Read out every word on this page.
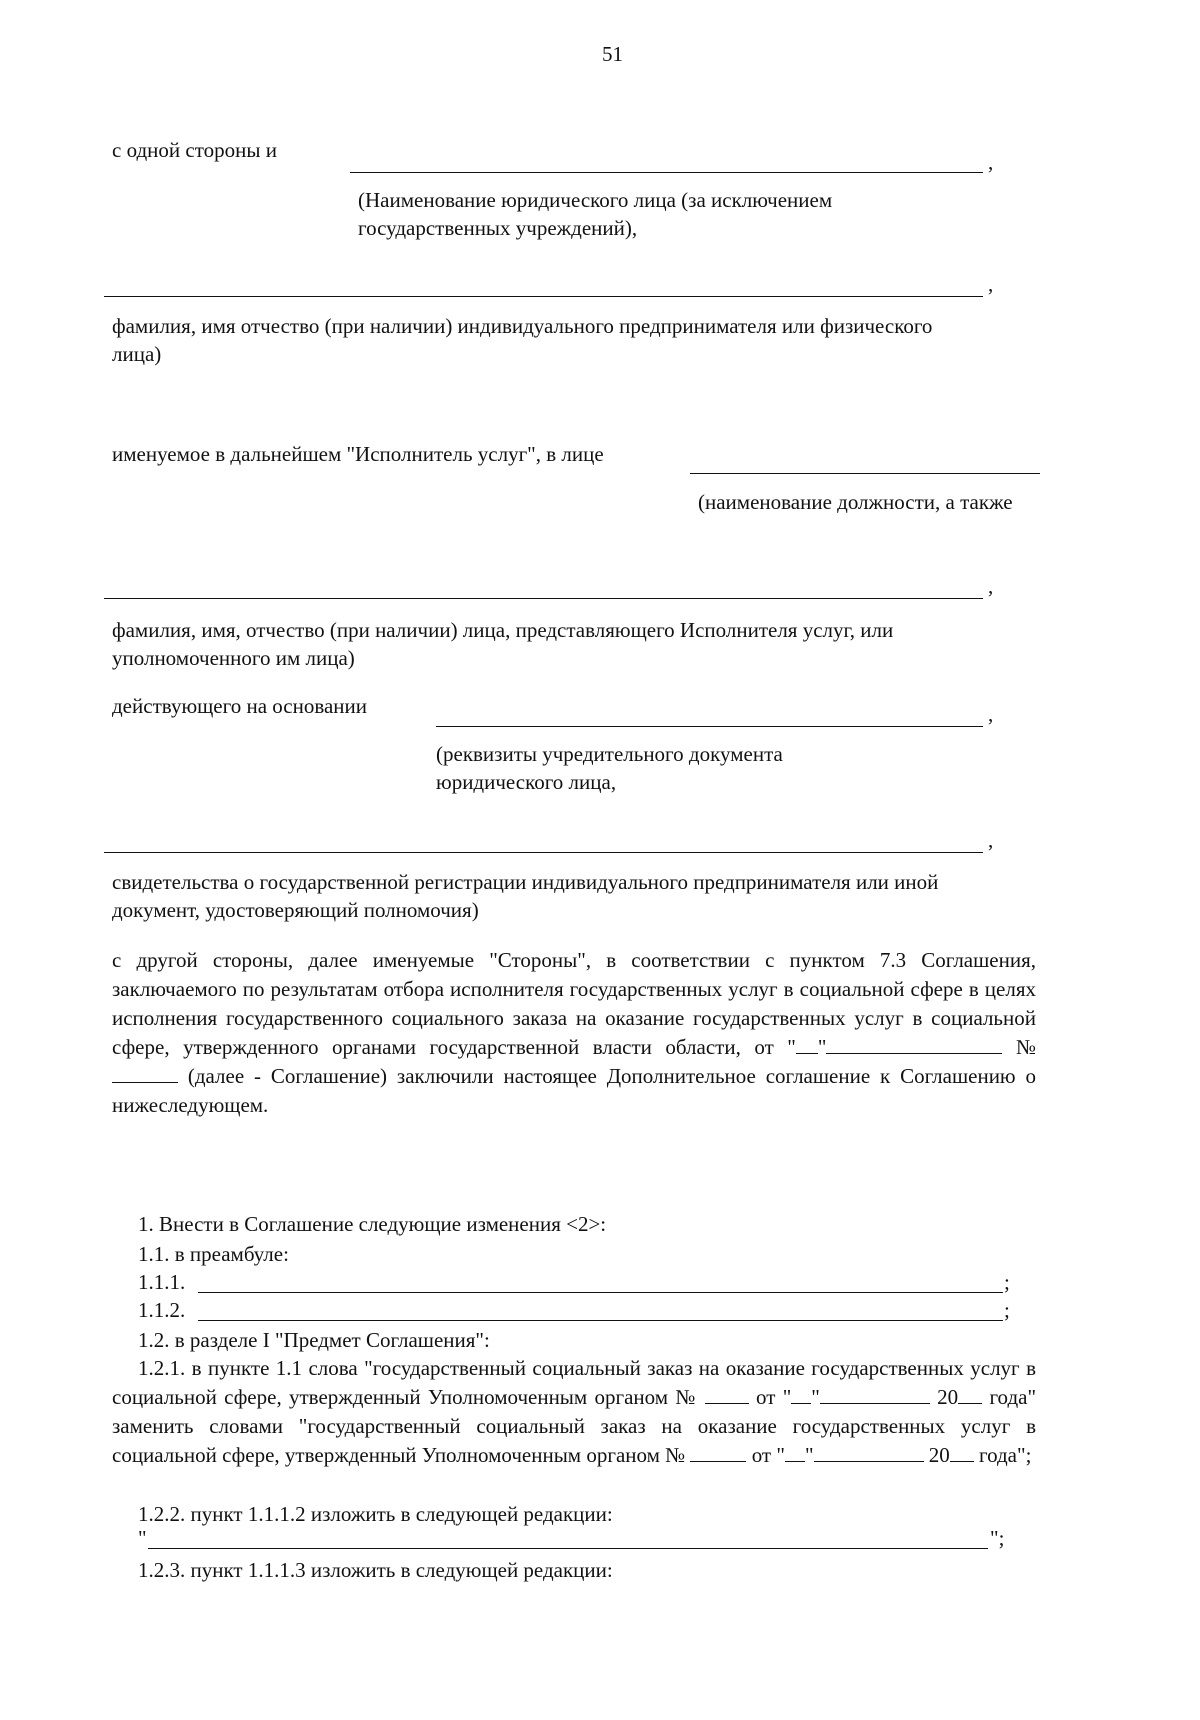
51
с одной стороны и	,

(Наименование юридического лица (за исключением государственных учреждений),

,

фамилия, имя отчество (при наличии) индивидуального предпринимателя или физического лица)

именуемое в дальнейшем "Исполнитель услуг", в лице

(наименование должности, а также

,

фамилия, имя, отчество (при наличии) лица, представляющего Исполнителя услуг, или уполномоченного им лица)

действующего на основании	,

(реквизиты учредительного документа юридического лица,

,

свидетельства о государственной регистрации индивидуального предпринимателя или иной документ, удостоверяющий полномочия)

с другой стороны, далее именуемые "Стороны", в соответствии с пунктом 7.3 Соглашения, заключаемого по результатам отбора исполнителя государственных услуг в социальной сфере в целях исполнения государственного социального заказа на оказание государственных услуг в социальной сфере, утвержденного органами государственной власти области, от " "	№  (далее - Соглашение) заключили настоящее Дополнительное соглашение к Соглашению о нижеследующем.

1. Внести в Соглашение следующие изменения <2>:
1.1. в преамбуле:
1.1.1.	;
1.1.2.	;
1.2. в разделе I "Предмет Соглашения":

1.2.1. в пункте 1.1 слова "государственный социальный заказ на оказание государственных услуг в социальной сфере, утвержденный Уполномоченным органом №	от " "	20 года" заменить словами "государственный социальный заказ на оказание государственных услуг в социальной сфере, утвержденный Уполномоченным органом №	от " "	20 года";

1.2.2. пункт 1.1.1.2 изложить в следующей редакции:
"	";
1.2.3. пункт 1.1.1.3 изложить в следующей редакции:
